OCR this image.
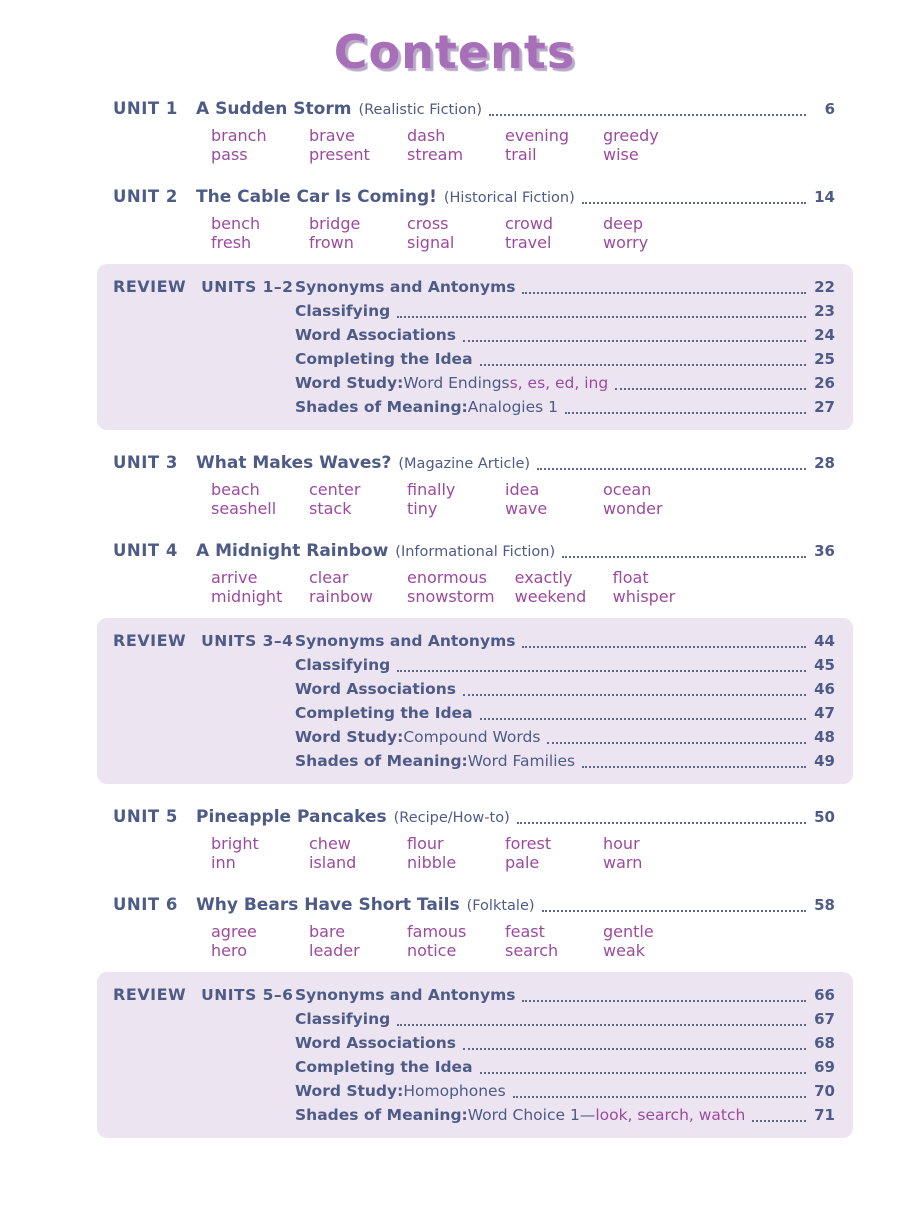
Contents
UNIT 1	A Sudden Storm (Realistic Fiction)	6
branch	brave	dash	evening	greedy
pass	present	stream	trail	wise
UNIT 2	The Cable Car Is Coming! (Historical Fiction)	14
bench	bridge	cross	crowd	deep
fresh	frown	signal	travel	worry
REVIEW UNITS 1–2 Synonyms and Antonyms	22
Classifying	23
Word Associations	24
Completing the Idea	25
Word Study: Word Endings s, es, ed, ing	26
Shades of Meaning: Analogies 1	27
UNIT 3	What Makes Waves? (Magazine Article)	28
beach	center	finally	idea	ocean
seashell	stack	tiny	wave	wonder
UNIT 4	A Midnight Rainbow (Informational Fiction)	36
arrive	clear	enormous	exactly	float
midnight	rainbow	snowstorm weekend	whisper
REVIEW UNITS 3–4 Synonyms and Antonyms	44
Classifying	45
Word Associations	46
Completing the Idea	47
Word Study: Compound Words	48
Shades of Meaning: Word Families	49
UNIT 5	Pineapple Pancakes (Recipe/How-to)	50
bright	chew	flour	forest	hour
inn	island	nibble	pale	warn
UNIT 6	Why Bears Have Short Tails (Folktale)	58
agree	bare	famous	feast	gentle
hero	leader	notice	search	weak
REVIEW UNITS 5–6 Synonyms and Antonyms	66
Classifying	67
Word Associations	68
Completing the Idea	69
Word Study: Homophones	70
Shades of Meaning: Word Choice 1— look, search, watch	71
